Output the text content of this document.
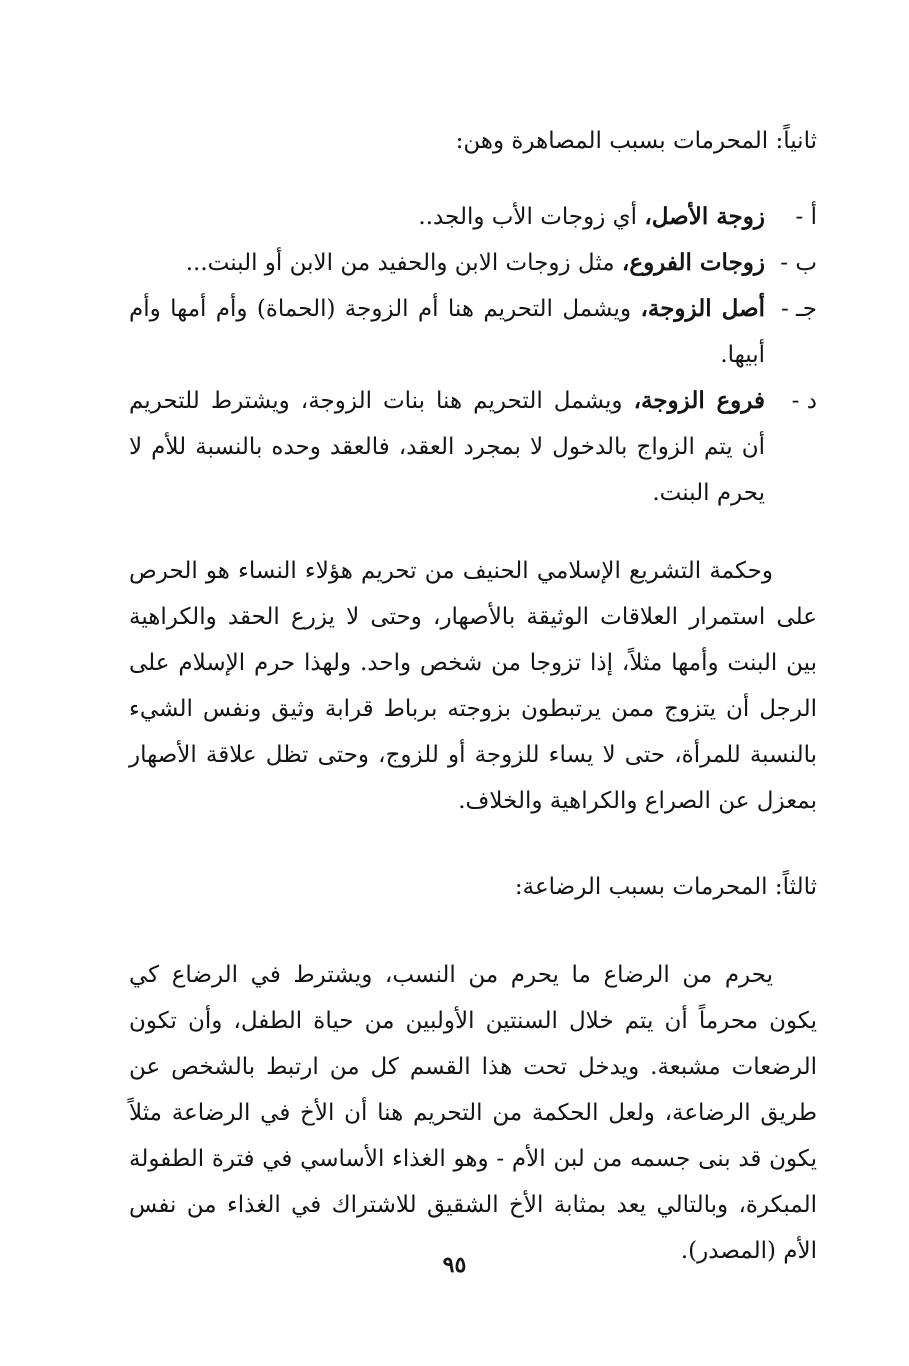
ثانياً: المحرمات بسبب المصاهرة وهن:
أ -
زوجة الأصل، أي زوجات الأب والجد..
ب -
زوجات الفروع، مثل زوجات الابن والحفيد من الابن أو البنت...
جـ -
أصل الزوجة، ويشمل التحريم هنا أم الزوجة (الحماة) وأم أمها وأم أبيها.
د -
فروع الزوجة، ويشمل التحريم هنا بنات الزوجة، ويشترط للتحريم أن يتم الزواج بالدخول لا بمجرد العقد، فالعقد وحده بالنسبة للأم لا يحرم البنت.

وحكمة التشريع الإسلامي الحنيف من تحريم هؤلاء النساء هو الحرص على استمرار العلاقات الوثيقة بالأصهار، وحتى لا يزرع الحقد والكراهية بين البنت وأمها مثلاً، إذا تزوجا من شخص واحد. ولهذا حرم الإسلام على الرجل أن يتزوج ممن يرتبطون بزوجته برباط قرابة وثيق ونفس الشيء بالنسبة للمرأة، حتى لا يساء للزوجة أو للزوج، وحتى تظل علاقة الأصهار بمعزل عن الصراع والكراهية والخلاف.

ثالثاً: المحرمات بسبب الرضاعة:

يحرم من الرضاع ما يحرم من النسب، ويشترط في الرضاع كي يكون محرماً أن يتم خلال السنتين الأولبين من حياة الطفل، وأن تكون الرضعات مشبعة. ويدخل تحت هذا القسم كل من ارتبط بالشخص عن طريق الرضاعة، ولعل الحكمة من التحريم هنا أن الأخ في الرضاعة مثلاً يكون قد بنى جسمه من لبن الأم - وهو الغذاء الأساسي في فترة الطفولة المبكرة، وبالتالي يعد بمثابة الأخ الشقيق للاشتراك في الغذاء من نفس الأم (المصدر).

٩٥
